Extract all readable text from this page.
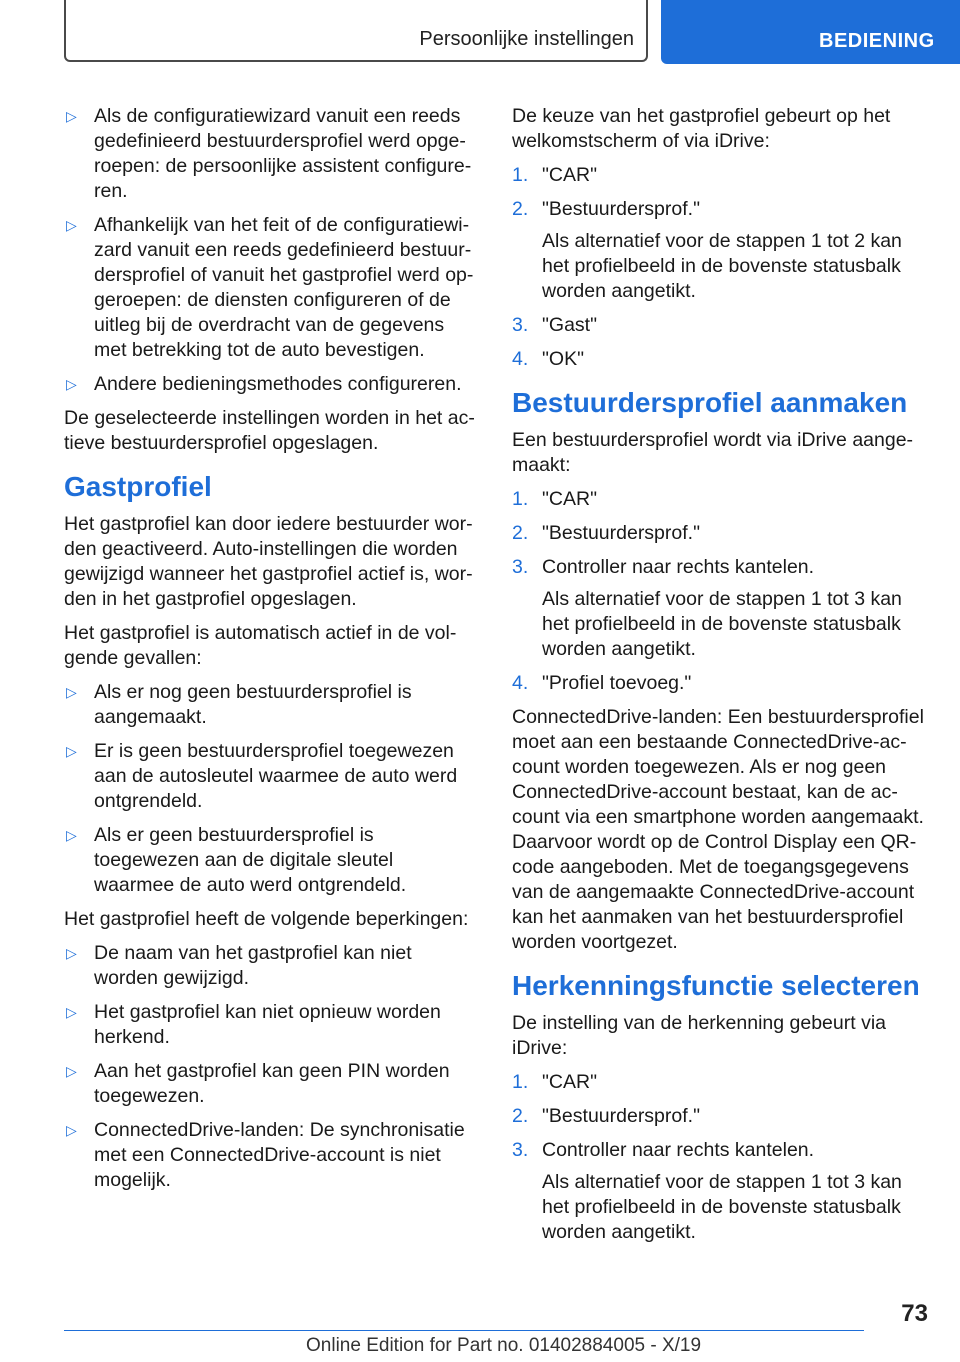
Persoonlijke instellingen	BEDIENING
▷ Als de configuratiewizard vanuit een reeds gedefinieerd bestuurdersprofiel werd opgeroepen: de persoonlijke assistent configureren.
▷ Afhankelijk van het feit of de configuratiewizard vanuit een reeds gedefinieerd bestuurdersprofiel of vanuit het gastprofiel werd opgeroepen: de diensten configureren of de uitleg bij de overdracht van de gegevens met betrekking tot de auto bevestigen.
▷ Andere bedieningsmethodes configureren.

De geselecteerde instellingen worden in het actieve bestuurdersprofiel opgeslagen.

Gastprofiel

Het gastprofiel kan door iedere bestuurder worden geactiveerd. Auto-instellingen die worden gewijzigd wanneer het gastprofiel actief is, worden in het gastprofiel opgeslagen.

Het gastprofiel is automatisch actief in de volgende gevallen:

▷ Als er nog geen bestuurdersprofiel is aangemaakt.
▷ Er is geen bestuurdersprofiel toegewezen aan de autosleutel waarmee de auto werd ontgrendeld.
▷ Als er geen bestuurdersprofiel is toegewezen aan de digitale sleutel waarmee de auto werd ontgrendeld.

Het gastprofiel heeft de volgende beperkingen:

▷ De naam van het gastprofiel kan niet worden gewijzigd.
▷ Het gastprofiel kan niet opnieuw worden herkend.
▷ Aan het gastprofiel kan geen PIN worden toegewezen.
▷ ConnectedDrive-landen: De synchronisatie met een ConnectedDrive-account is niet mogelijk.

De keuze van het gastprofiel gebeurt op het welkomstscherm of via iDrive:

1. "CAR"
2. "Bestuurdersprof."
Als alternatief voor de stappen 1 tot 2 kan het profielbeeld in de bovenste statusbalk worden aangetikt.
3. "Gast"
4. "OK"
Bestuurdersprofiel aanmaken

Een bestuurdersprofiel wordt via iDrive aangemaakt:

1. "CAR"
2. "Bestuurdersprof."
3. Controller naar rechts kantelen.
Als alternatief voor de stappen 1 tot 3 kan het profielbeeld in de bovenste statusbalk worden aangetikt.
4. "Profiel toevoeg."

ConnectedDrive-landen: Een bestuurdersprofiel moet aan een bestaande ConnectedDrive-account worden toegewezen. Als er nog geen ConnectedDrive-account bestaat, kan de account via een smartphone worden aangemaakt. Daarvoor wordt op de Control Display een QR-code aangeboden. Met de toegangsgegevens van de aangemaakte ConnectedDrive-account kan het aanmaken van het bestuurdersprofiel worden voortgezet.

Herkenningsfunctie selecteren

De instelling van de herkenning gebeurt via iDrive:

1. "CAR"
2. "Bestuurdersprof."
3. Controller naar rechts kantelen.
Als alternatief voor de stappen 1 tot 3 kan het profielbeeld in de bovenste statusbalk worden aangetikt.
73
Online Edition for Part no. 01402884005 - X/19
